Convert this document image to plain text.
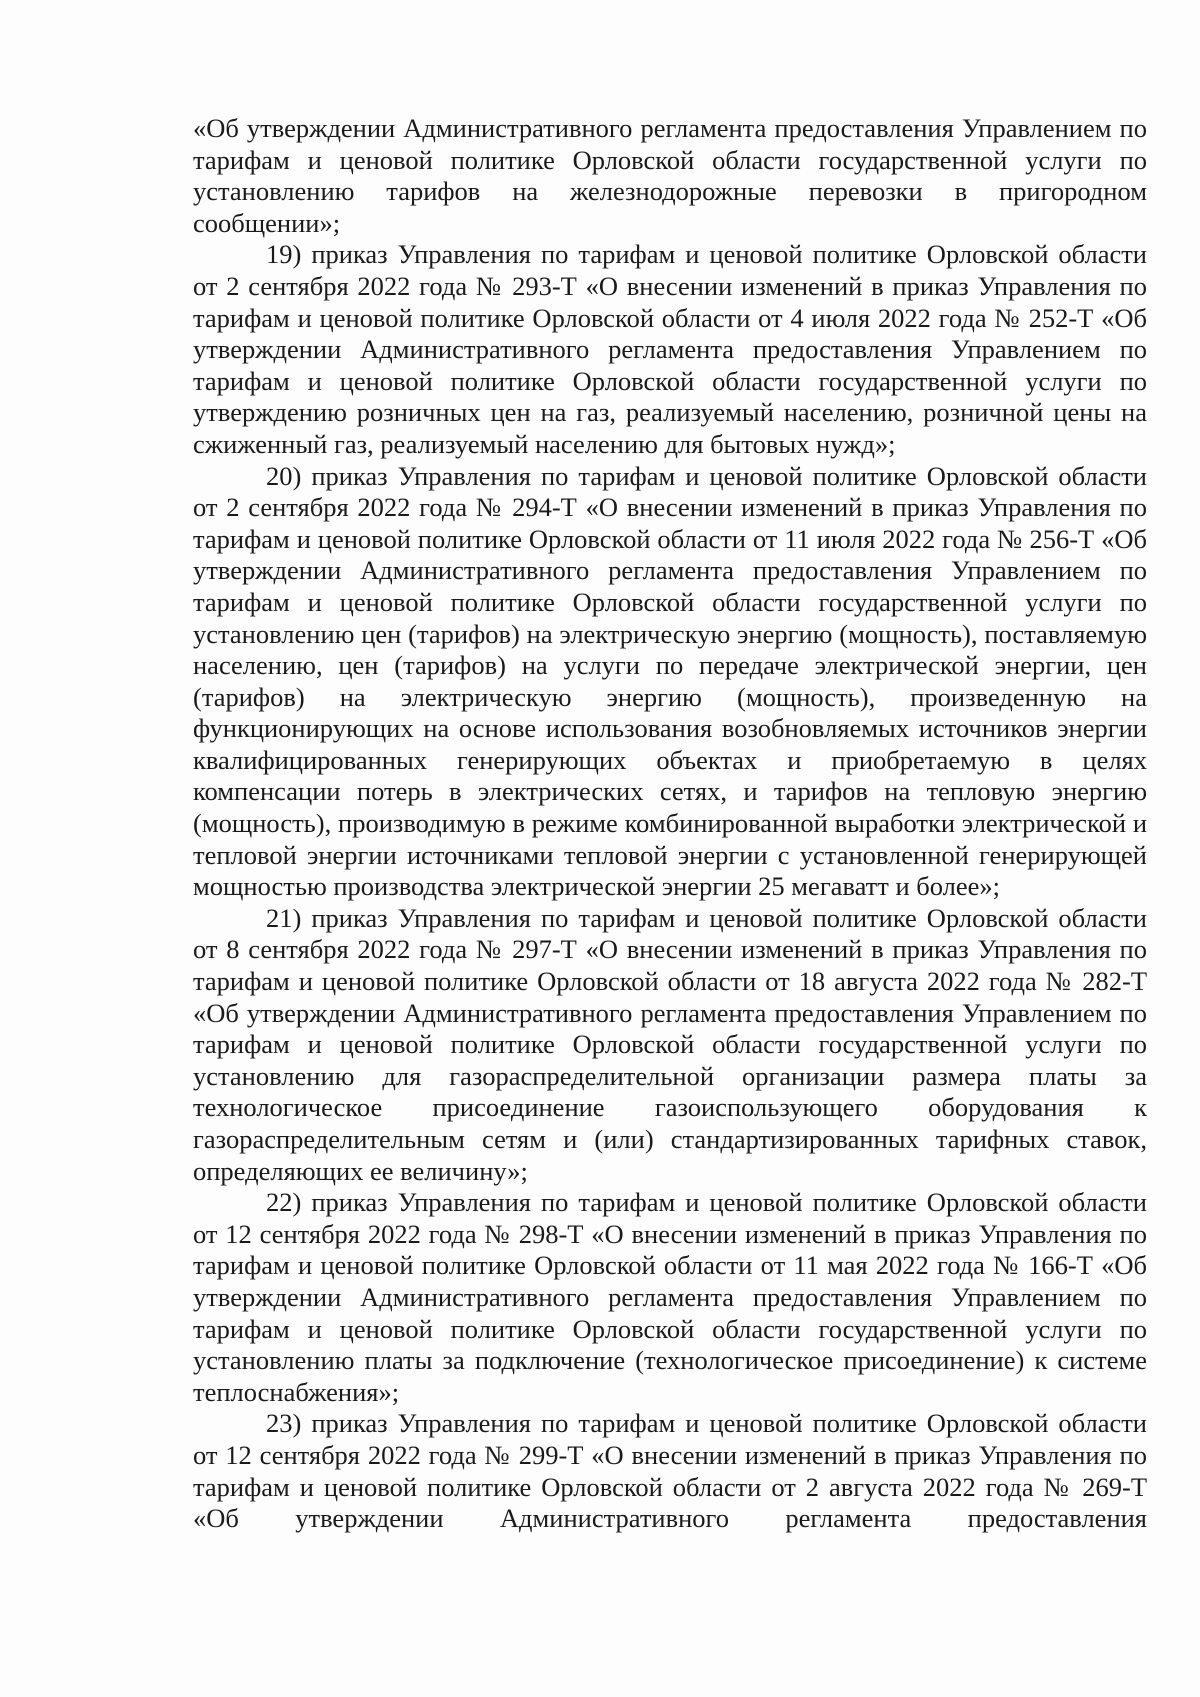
«Об утверждении Административного регламента предоставления Управлением по тарифам и ценовой политике Орловской области государственной услуги по установлению тарифов на железнодорожные перевозки в пригородном сообщении»;

19) приказ Управления по тарифам и ценовой политике Орловской области от 2 сентября 2022 года № 293-Т «О внесении изменений в приказ Управления по тарифам и ценовой политике Орловской области от 4 июля 2022 года № 252-Т «Об утверждении Административного регламента предоставления Управлением по тарифам и ценовой политике Орловской области государственной услуги по утверждению розничных цен на газ, реализуемый населению, розничной цены на сжиженный газ, реализуемый населению для бытовых нужд»;

20) приказ Управления по тарифам и ценовой политике Орловской области от 2 сентября 2022 года № 294-Т «О внесении изменений в приказ Управления по тарифам и ценовой политике Орловской области от 11 июля 2022 года № 256-Т «Об утверждении Административного регламента предоставления Управлением по тарифам и ценовой политике Орловской области государственной услуги по установлению цен (тарифов) на электрическую энергию (мощность), поставляемую населению, цен (тарифов) на услуги по передаче электрической энергии, цен (тарифов) на электрическую энергию (мощность), произведенную на функционирующих на основе использования возобновляемых источников энергии квалифицированных генерирующих объектах и приобретаемую в целях компенсации потерь в электрических сетях, и тарифов на тепловую энергию (мощность), производимую в режиме комбинированной выработки электрической и тепловой энергии источниками тепловой энергии с установленной генерирующей мощностью производства электрической энергии 25 мегаватт и более»;

21) приказ Управления по тарифам и ценовой политике Орловской области от 8 сентября 2022 года № 297-Т «О внесении изменений в приказ Управления по тарифам и ценовой политике Орловской области от 18 августа 2022 года № 282-Т «Об утверждении Административного регламента предоставления Управлением по тарифам и ценовой политике Орловской области государственной услуги по установлению для газораспределительной организации размера платы за технологическое присоединение газоиспользующего оборудования к газораспределительным сетям и (или) стандартизированных тарифных ставок, определяющих ее величину»;

22) приказ Управления по тарифам и ценовой политике Орловской области от 12 сентября 2022 года № 298-Т «О внесении изменений в приказ Управления по тарифам и ценовой политике Орловской области от 11 мая 2022 года № 166-Т «Об утверждении Административного регламента предоставления Управлением по тарифам и ценовой политике Орловской области государственной услуги по установлению платы за подключение (технологическое присоединение) к системе теплоснабжения»;

23) приказ Управления по тарифам и ценовой политике Орловской области от 12 сентября 2022 года № 299-Т «О внесении изменений в приказ Управления по тарифам и ценовой политике Орловской области от 2 августа 2022 года № 269-Т «Об утверждении Административного регламента предоставления
